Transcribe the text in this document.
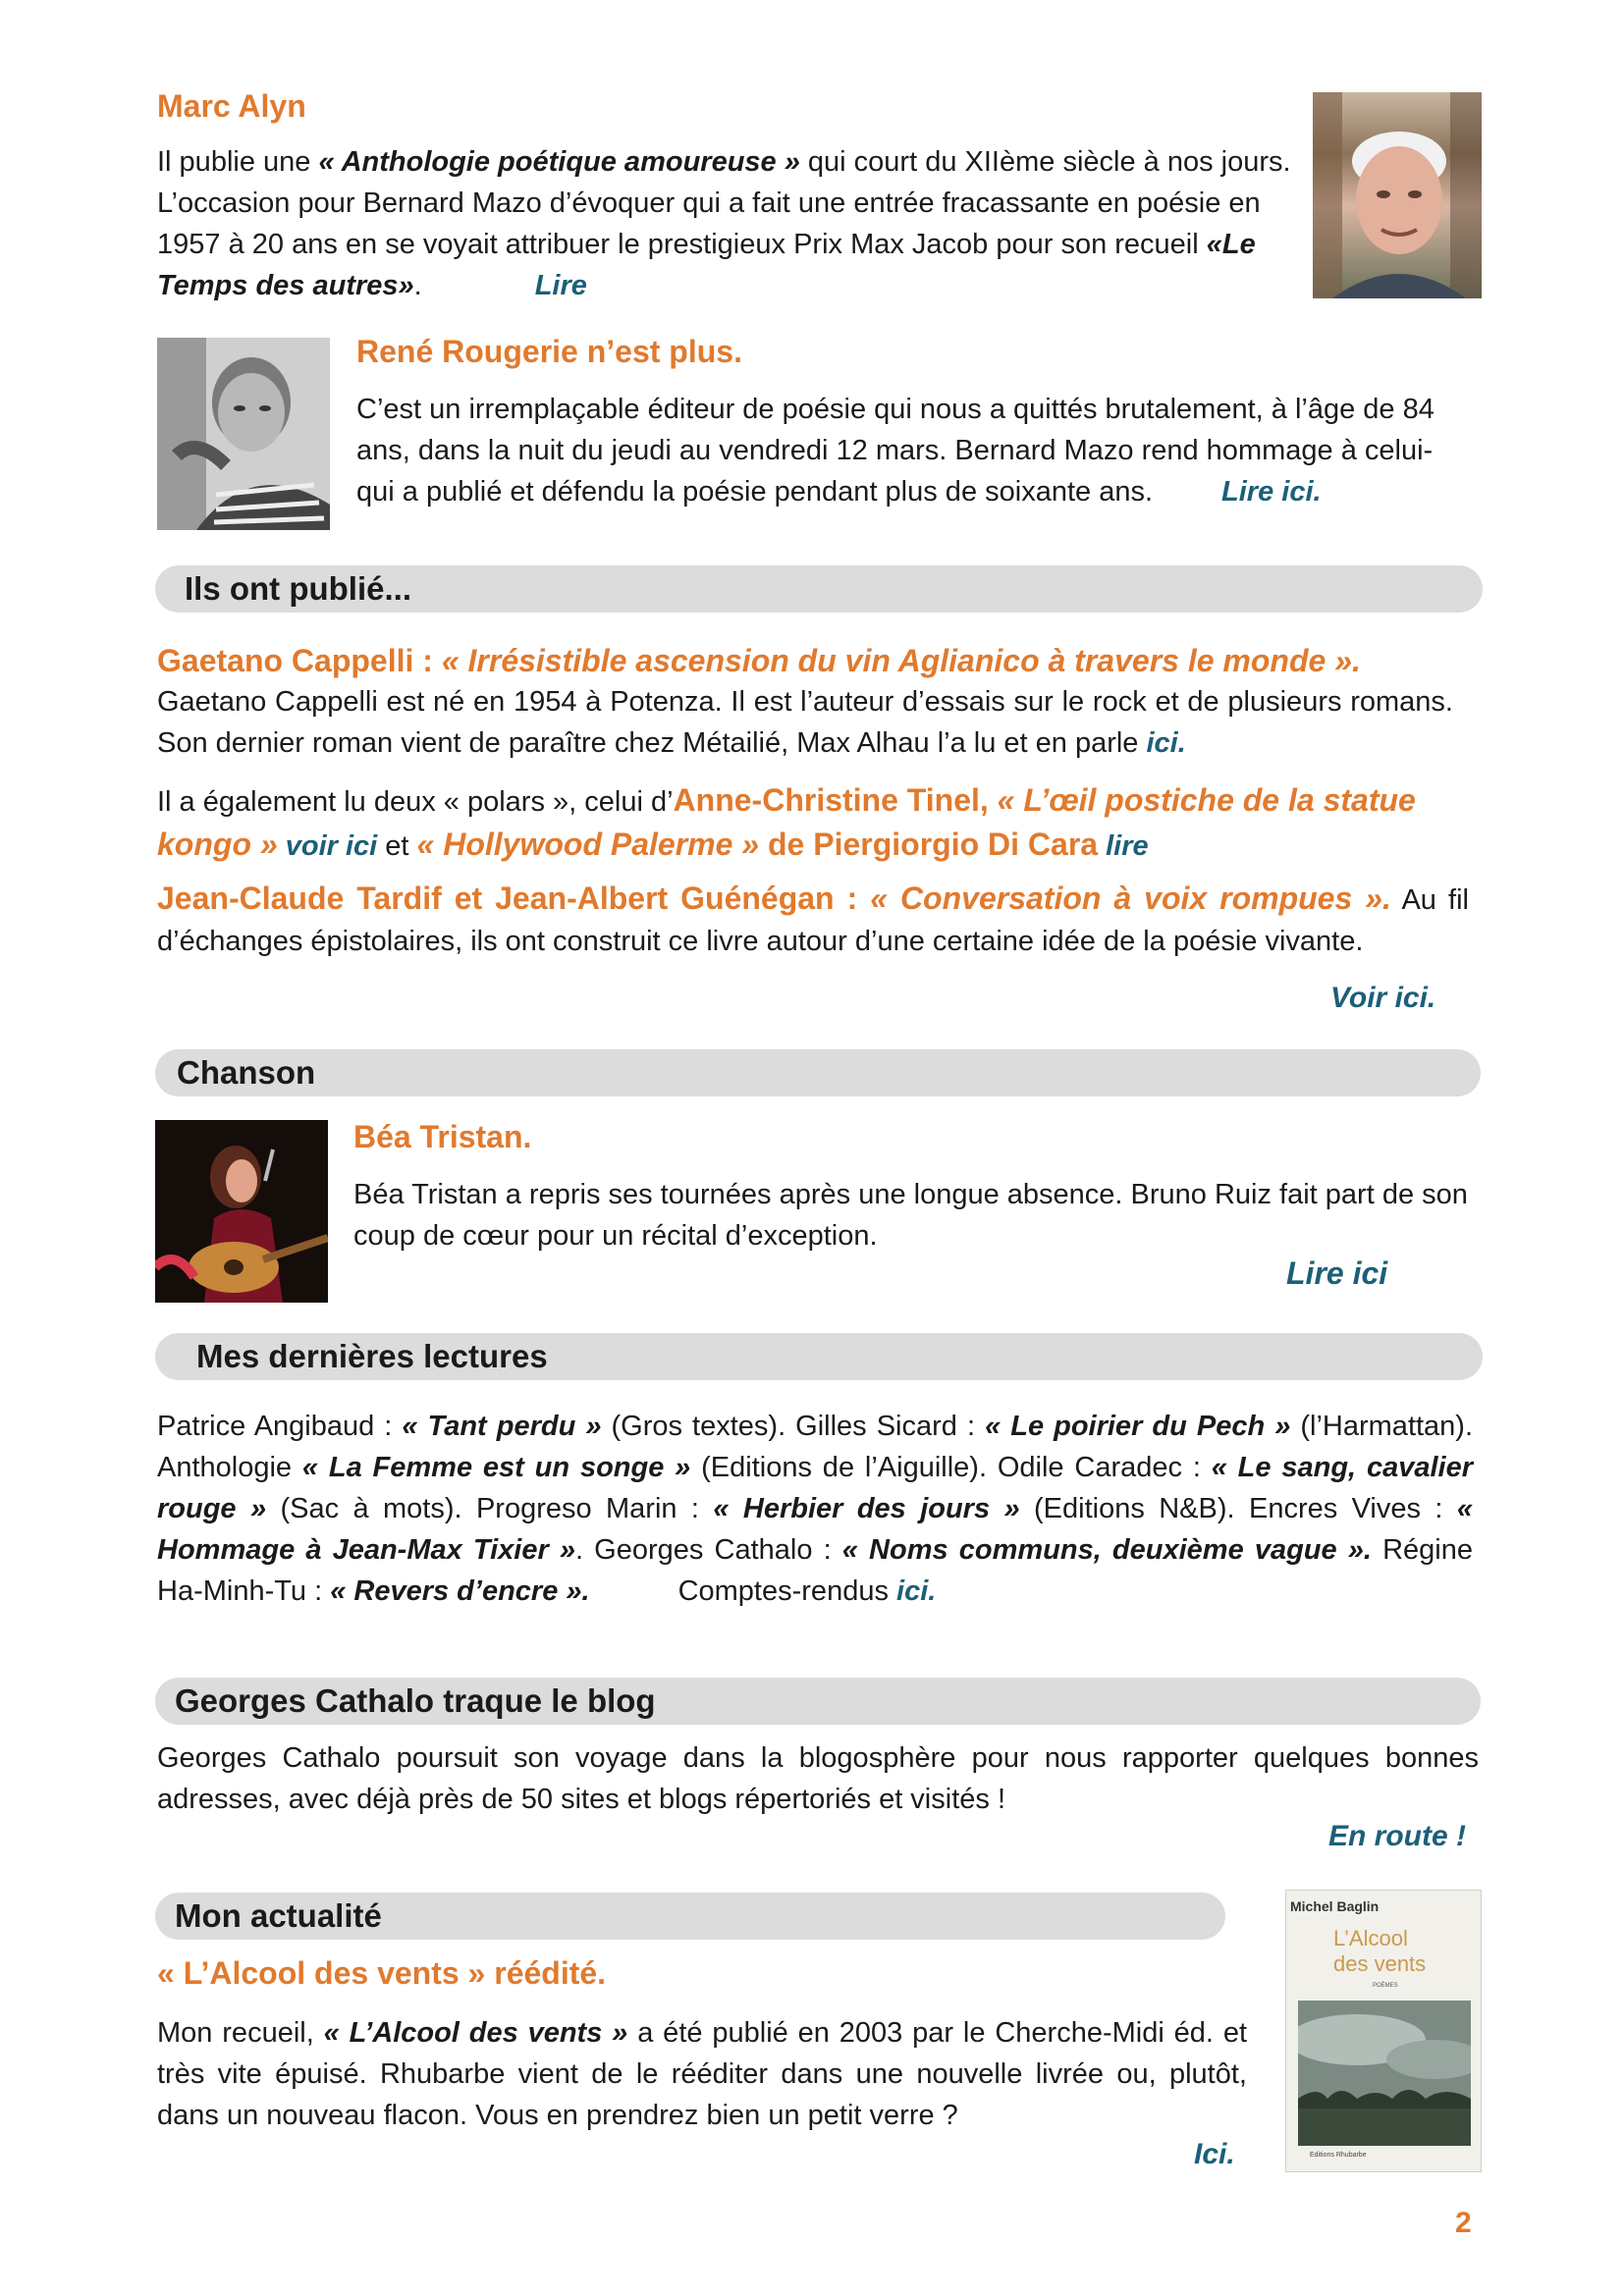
Marc Alyn

Il publie une « Anthologie poétique amoureuse » qui court du XIIème siècle à nos jours. L’occasion pour Bernard Mazo d’évoquer qui a fait une entrée fracassante en poésie en 1957 à 20 ans en se voyait attribuer le prestigieux Prix Max Jacob pour son recueil «Le Temps des autres».	Lire

René Rougerie n’est plus.

C’est un irremplaçable éditeur de poésie qui nous a quittés brutalement, à l’âge de 84 ans, dans la nuit du jeudi au vendredi 12 mars. Bernard Mazo rend hommage à celui- qui a publié et défendu la poésie pendant plus de soixante ans. Lire ici.

Ils ont publié...

Gaetano Cappelli : « Irrésistible ascension du vin Aglianico à travers le monde ».

Gaetano Cappelli est né en 1954 à Potenza. Il est l’auteur d’essais sur le rock et de plusieurs romans. Son dernier roman vient de paraître chez Métailié, Max Alhau l’a lu et en parle ici.

Il a également lu deux « polars », celui d’Anne-Christine Tinel, « L’œil postiche de la statue kongo » voir ici et « Hollywood Palerme » de Piergiorgio Di Cara lire

Jean-Claude Tardif et Jean-Albert Guénégan : « Conversation à voix rompues ». Au fil d’échanges épistolaires, ils ont construit ce livre autour d’une certaine idée de la poésie vivante.

Voir ici.
Chanson

Béa Tristan.

Béa Tristan a repris ses tournées après une longue absence. Bruno Ruiz fait part de son coup de cœur pour un récital d’exception.

Lire ici
Mes dernières lectures

Patrice Angibaud : « Tant perdu » (Gros textes). Gilles Sicard : « Le poirier du Pech » (l’Harmattan). Anthologie « La Femme est un songe » (Editions de l’Aiguille). Odile Caradec : « Le sang, cavalier rouge » (Sac à mots). Progreso Marin : « Herbier des jours » (Editions N&B). Encres Vives : « Hommage à Jean-Max Tixier ». Georges Cathalo : « Noms communs, deuxième vague ». Régine Ha-Minh-Tu : « Revers d’encre ».	Comptes-rendus ici.

Georges Cathalo traque le blog

Georges Cathalo poursuit son voyage dans la blogosphère pour nous rapporter quelques bonnes adresses, avec déjà près de 50 sites et blogs répertoriés et visités !

En route !
Mon actualité

« L’Alcool des vents » réédité.

Mon recueil, « L’Alcool des vents » a été publié en 2003 par le Cherche-Midi éd. et très vite épuisé. Rhubarbe vient de le rééditer dans une nouvelle livrée ou, plutôt, dans un nouveau flacon. Vous en prendrez bien un petit verre ?

Ici.
Michel Baglin
L’Alcool
des vents
POÈMES
Editions Rhubarbe
2
